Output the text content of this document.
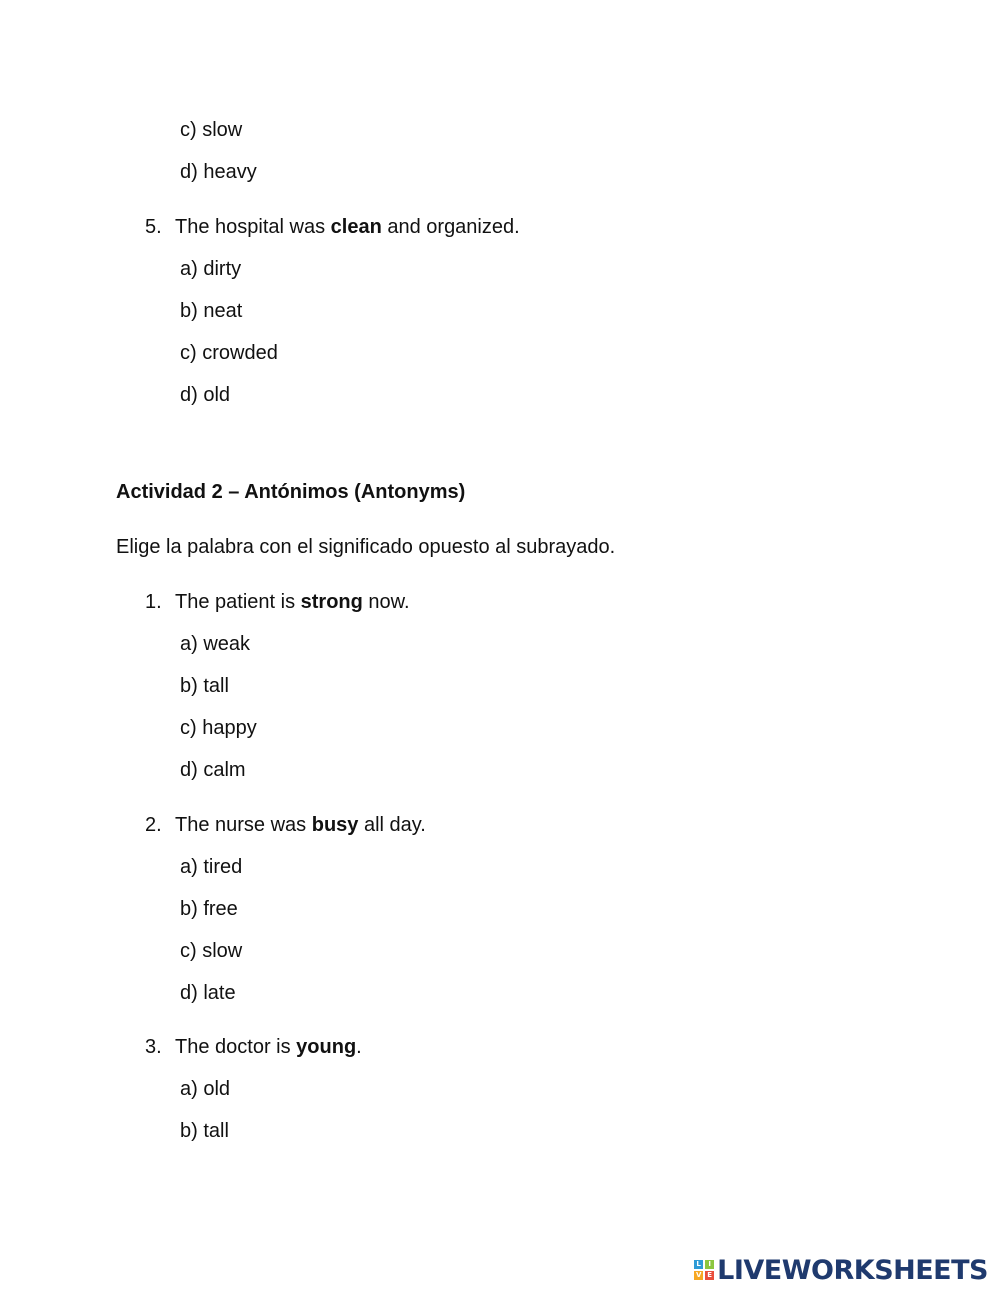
c) slow
d) heavy
5. The hospital was clean and organized.
a) dirty
b) neat
c) crowded
d) old
Actividad 2 – Antónimos (Antonyms)
Elige la palabra con el significado opuesto al subrayado.
1. The patient is strong now.
a) weak
b) tall
c) happy
d) calm
2. The nurse was busy all day.
a) tired
b) free
c) slow
d) late
3. The doctor is young.
a) old
b) tall
L	I
V E LIVEWORKSHEETS
